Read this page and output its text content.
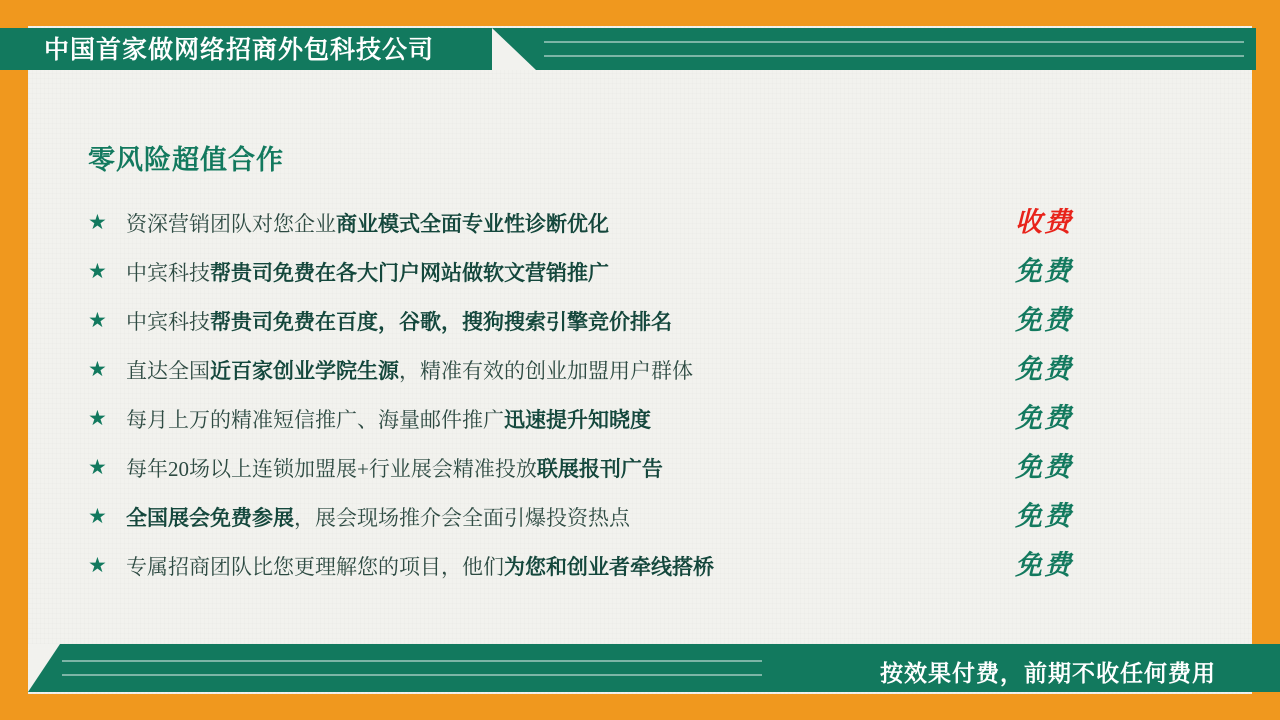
中国首家做网络招商外包科技公司
零风险超值合作
★ 资深营销团队对您企业商业模式全面专业性诊断优化	收费
★ 中宾科技帮贵司免费在各大门户网站做软文营销推广	免费
★ 中宾科技帮贵司免费在百度，谷歌，搜狗搜索引擎竞价排名	免费
★ 直达全国近百家创业学院生源，精准有效的创业加盟用户群体	免费
★ 每月上万的精准短信推广、海量邮件推广迅速提升知晓度	免费
★ 每年20场以上连锁加盟展+行业展会精准投放联展报刊广告	免费
★ 全国展会免费参展，展会现场推介会全面引爆投资热点	免费
★ 专属招商团队比您更理解您的项目，他们为您和创业者牵线搭桥	免费
按效果付费，前期不收任何费用
